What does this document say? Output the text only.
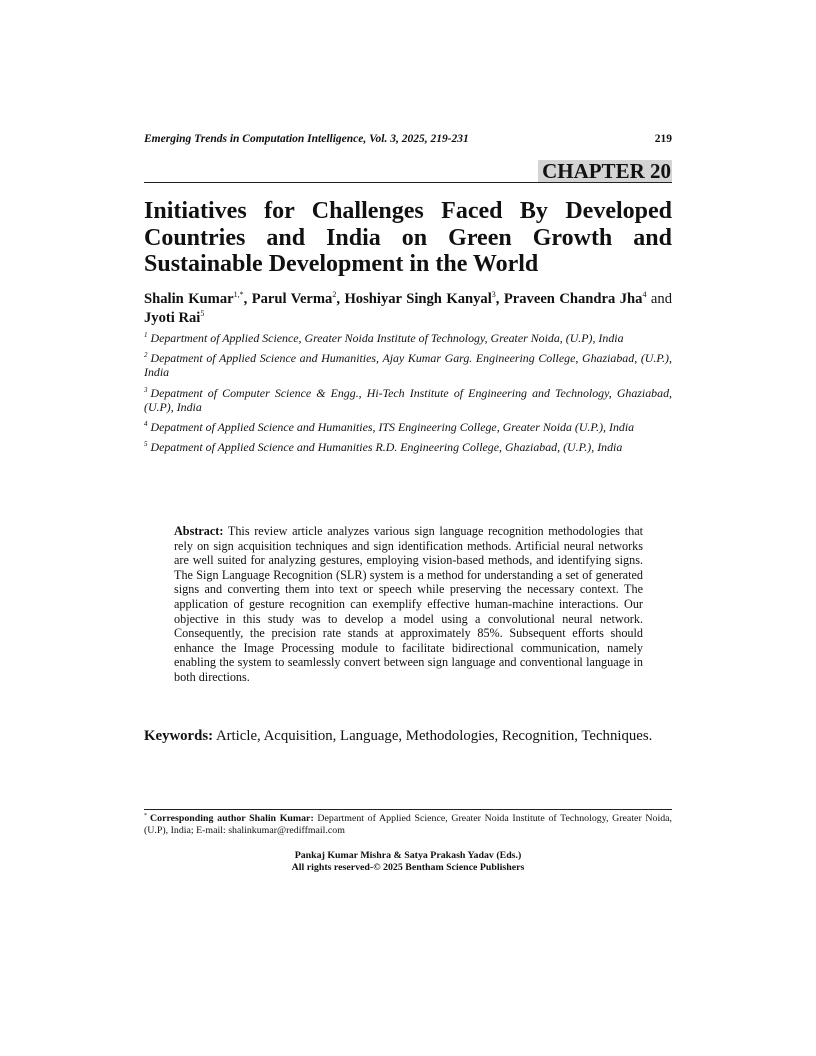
Emerging Trends in Computation Intelligence, Vol. 3, 2025, 219-231	219
CHAPTER 20
Initiatives for Challenges Faced By Developed Countries and India on Green Growth and Sustainable Development in the World
Shalin Kumar$^{1,*}$, Parul Verma$^2$, Hoshiyar Singh Kanyal$^3$, Praveen Chandra Jha$^4$ and Jyoti Rai$^5$
$^1$ Department of Applied Science, Greater Noida Institute of Technology, Greater Noida, (U.P), India
$^2$ Depatment of Applied Science and Humanities, Ajay Kumar Garg. Engineering College, Ghaziabad, (U.P.), India
$^3$ Depatment of Computer Science & Engg., Hi-Tech Institute of Engineering and Technology, Ghaziabad, (U.P), India
$^4$ Depatment of Applied Science and Humanities, ITS Engineering College, Greater Noida (U.P.), India
$^5$ Depatment of Applied Science and Humanities R.D. Engineering College, Ghaziabad, (U.P.), India
Abstract: This review article analyzes various sign language recognition methodologies that rely on sign acquisition techniques and sign identification methods. Artificial neural networks are well suited for analyzing gestures, employing vision-based methods, and identifying signs. The Sign Language Recognition (SLR) system is a method for understanding a set of generated signs and converting them into text or speech while preserving the necessary context. The application of gesture recognition can exemplify effective human-machine interactions. Our objective in this study was to develop a model using a convolutional neural network. Consequently, the precision rate stands at approximately 85%. Subsequent efforts should enhance the Image Processing module to facilitate bidirectional communication, namely enabling the system to seamlessly convert between sign language and conventional language in both directions.
Keywords: Article, Acquisition, Language, Methodologies, Recognition, Techniques.
* Corresponding author Shalin Kumar: Department of Applied Science, Greater Noida Institute of Technology, Greater Noida, (U.P), India; E-mail: shalinkumar@rediffmail.com
Pankaj Kumar Mishra & Satya Prakash Yadav (Eds.)
All rights reserved-© 2025 Bentham Science Publishers
